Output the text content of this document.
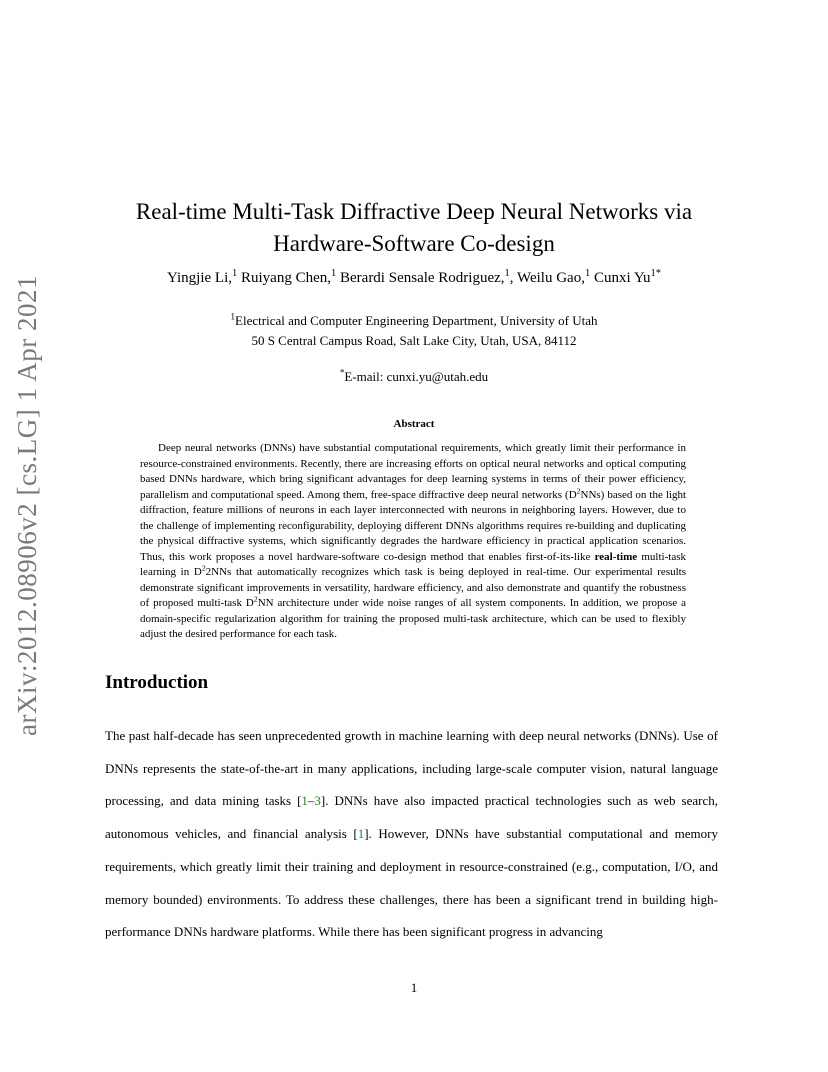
arXiv:2012.08906v2 [cs.LG] 1 Apr 2021
Real-time Multi-Task Diffractive Deep Neural Networks via
Hardware-Software Co-design
Yingjie Li,$^1$ Ruiyang Chen,$^1$ Berardi Sensale Rodriguez,$^1$, Weilu Gao,$^1$ Cunxi $Yu^{1*}$
$^1$Electrical and Computer Engineering Department, University of Utah
50 S Central Campus Road, Salt Lake City, Utah, USA, 84112
*E-mail: cunxi.yu@utah.edu
Abstract

Deep neural networks (DNNs) have substantial computational requirements, which greatly limit their performance in resource-constrained environments. Recently, there are increasing efforts on optical neural networks and optical computing based DNNs hardware, which bring significant advantages for deep learning systems in terms of their power efficiency, parallelism and computational speed. Among them, free-space diffractive deep neural networks $(D^2NNs)$ based on the light diffraction, feature millions of neurons in each layer interconnected with neurons in neighboring layers. However, due to the challenge of implementing reconfigurability, deploying different DNNs algorithms requires re-building and duplicating the physical diffractive systems, which significantly degrades the hardware efficiency in practical application scenarios. Thus, this work proposes a novel hardware-software co-design method that enables first-of-its-like real-time multi-task learning in $D^22NNs$ that automatically recognizes which task is being deployed in real-time. Our experimental results demonstrate significant improvements in versatility, hardware efficiency, and also demonstrate and quantify the robustness of proposed multi-task $D^2NN$ architecture under wide noise ranges of all system components. In addition, we propose a domain-specific regularization algorithm for training the proposed multi-task architecture, which can be used to flexibly adjust the desired performance for each task.

Introduction

The past half-decade has seen unprecedented growth in machine learning with deep neural networks (DNNs). Use of DNNs represents the state-of-the-art in many applications, including large-scale computer vision, natural language processing, and data mining tasks [1–3]. DNNs have also impacted practical technologies such as web search, autonomous vehicles, and financial analysis [1]. However, DNNs have substantial computational and memory requirements, which greatly limit their training and deployment in resource-constrained (e.g., computation, I/O, and memory bounded) environments. To address these challenges, there has been a significant trend in building high-performance DNNs hardware platforms. While there has been significant progress in advancing

1
